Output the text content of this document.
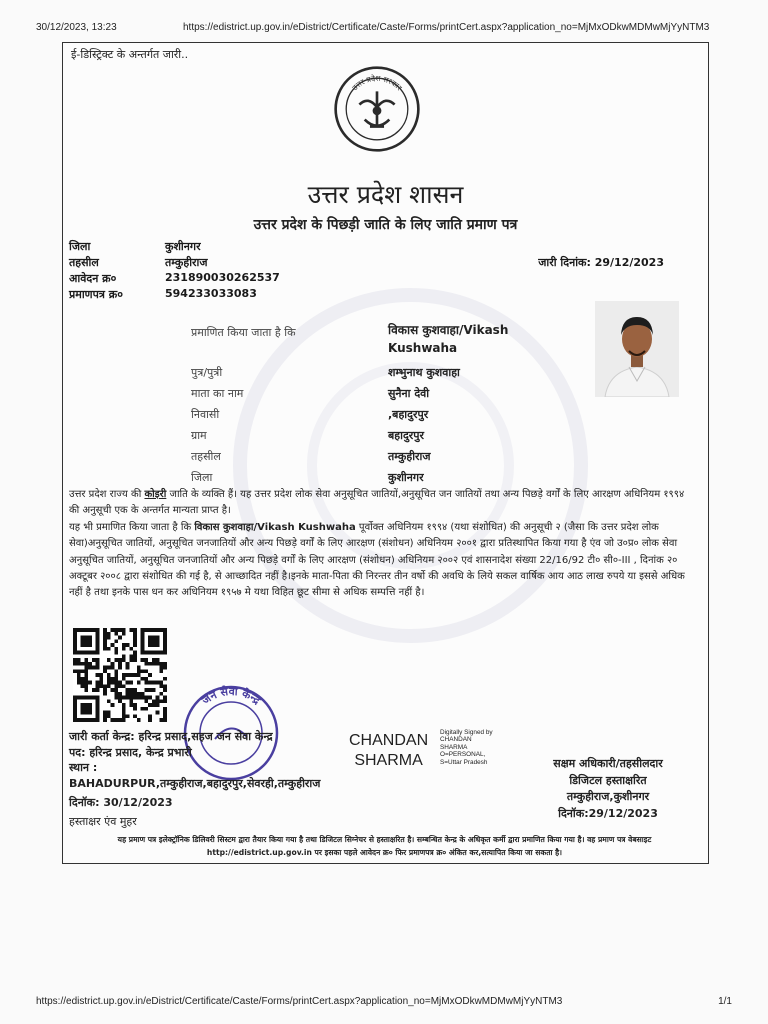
30/12/2023, 13:23	https://edistrict.up.gov.in/eDistrict/Certificate/Caste/Forms/printCert.aspx?application_no=MjMxODkwMDMwMjYyNTM3
ई-डिस्ट्रिक्ट के अन्तर्गत जारी..
उत्तर प्रदेश सरकार
उत्तर प्रदेश शासन
उत्तर प्रदेश के पिछड़ी जाति के लिए जाति प्रमाण पत्र
जिला	कुशीनगर
तहसील	तम्कुहीराज
आवेदन क्र०	231890030262537
प्रमाणपत्र क्र०	594233033083
जारी दिनांक: 29/12/2023
प्रमाणित किया जाता है कि	विकास कुशवाहा/Vikash Kushwaha
पुत्र/पुत्री	शम्भुनाथ कुशवाहा
माता का नाम	सुनैना देवी
निवासी	,बहादुरपुर
ग्राम	बहादुरपुर
तहसील	तम्कुहीराज
जिला	कुशीनगर
उत्तर प्रदेश राज्य की कोइरी जाति के व्यक्ति हैं। यह उत्तर प्रदेश लोक सेवा अनुसूचित जातियों,अनुसूचित जन जातियों तथा अन्य पिछड़े वर्गों के लिए आरक्षण अधिनियम १९९४ की अनुसूची एक के अन्तर्गत मान्यता प्राप्त है।
यह भी प्रमाणित किया जाता है कि विकास कुशवाहा/Vikash Kushwaha पूर्वोक्त अधिनियम १९९४ (यथा संशोधित) की अनुसूची २ (जैसा कि उत्तर प्रदेश लोक सेवा)अनुसूचित जातियों, अनुसूचित जनजातियों और अन्य पिछड़े वर्गों के लिए आरक्षण (संशोधन) अधिनियम २००१ द्वारा प्रतिस्थापित किया गया है एंव जो उ०प्र० लोक सेवा अनुसूचित जातियों, अनुसूचित जनजातियों और अन्य पिछड़े वर्गों के लिए आरक्षण (संशोधन) अधिनियम २००२ एवं शासनादेश संख्या 22/16/92 टी० सी०-III , दिनांक २० अक्टूबर २००८ द्वारा संशोधित की गई है, से आच्छादित नहीं है।इनके माता-पिता की निरन्तर तीन वर्षो की अवधि के लिये सकल वार्षिक आय आठ लाख रुपये या इससे अधिक नहीं है तथा इनके पास धन कर अधिनियम १९५७ मे यथा विहित छूट सीमा से अधिक सम्पत्ति नहीं है।
जन सेवा केन्द्र
जारी कर्ता केन्द्र: हरिन्द्र प्रसाद,सहज जन सेवा केन्द्र
पद: हरिन्द्र प्रसाद, केन्द्र प्रभारी
स्थान :
BAHADURPUR,तम्कुहीराज,बहादुरपुर,सेवरही,तम्कुहीराज
दिनॉक: 30/12/2023
हस्ताक्षर एंव मुहर
CHANDAN
SHARMA
Digitally Signed by
CHANDAN
SHARMA
O=PERSONAL,
S=Uttar Pradesh	सक्षम अधिकारी/तहसीलदार
डिजिटल हस्ताक्षरित
तम्कुहीराज,कुशीनगर
दिनॉक:29/12/2023
यह प्रमाण पत्र इलेक्ट्रॉनिक डिलिवरी सिस्टम द्वारा तैयार किया गया है तथा डिजिटल सिग्नेचर से हस्ताक्षरित है। सम्बन्धित केन्द्र के अधिकृत कर्मी द्वारा प्रमाणित किया गया है। वह प्रमाण पत्र वेबसाइट http://edistrict.up.gov.in पर इसका पहले आवेदन क्र० फिर प्रमाणपत्र क्र० अंकित कर,सत्यापित किया जा सकता है।
https://edistrict.up.gov.in/eDistrict/Certificate/Caste/Forms/printCert.aspx?application_no=MjMxODkwMDMwMjYyNTM3	1/1
